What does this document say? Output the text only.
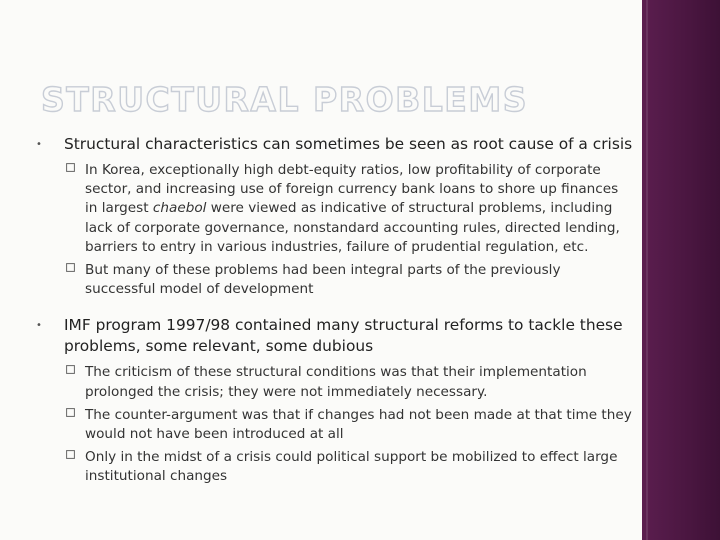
STRUCTURAL PROBLEMS
• Structural characteristics can sometimes be seen as root cause of a crisis
In Korea, exceptionally high debt-equity ratios, low profitability of corporate sector, and increasing use of foreign currency bank loans to shore up finances in largest chaebol were viewed as indicative of structural problems, including lack of corporate governance, nonstandard accounting rules, directed lending, barriers to entry in various industries, failure of prudential regulation, etc.
But many of these problems had been integral parts of the previously successful model of development
• IMF program 1997/98 contained many structural reforms to tackle these problems, some relevant, some dubious
The criticism of these structural conditions was that their implementation prolonged the crisis; they were not immediately necessary.
The counter-argument was that if changes had not been made at that time they would not have been introduced at all
Only in the midst of a crisis could political support be mobilized to effect large institutional changes
